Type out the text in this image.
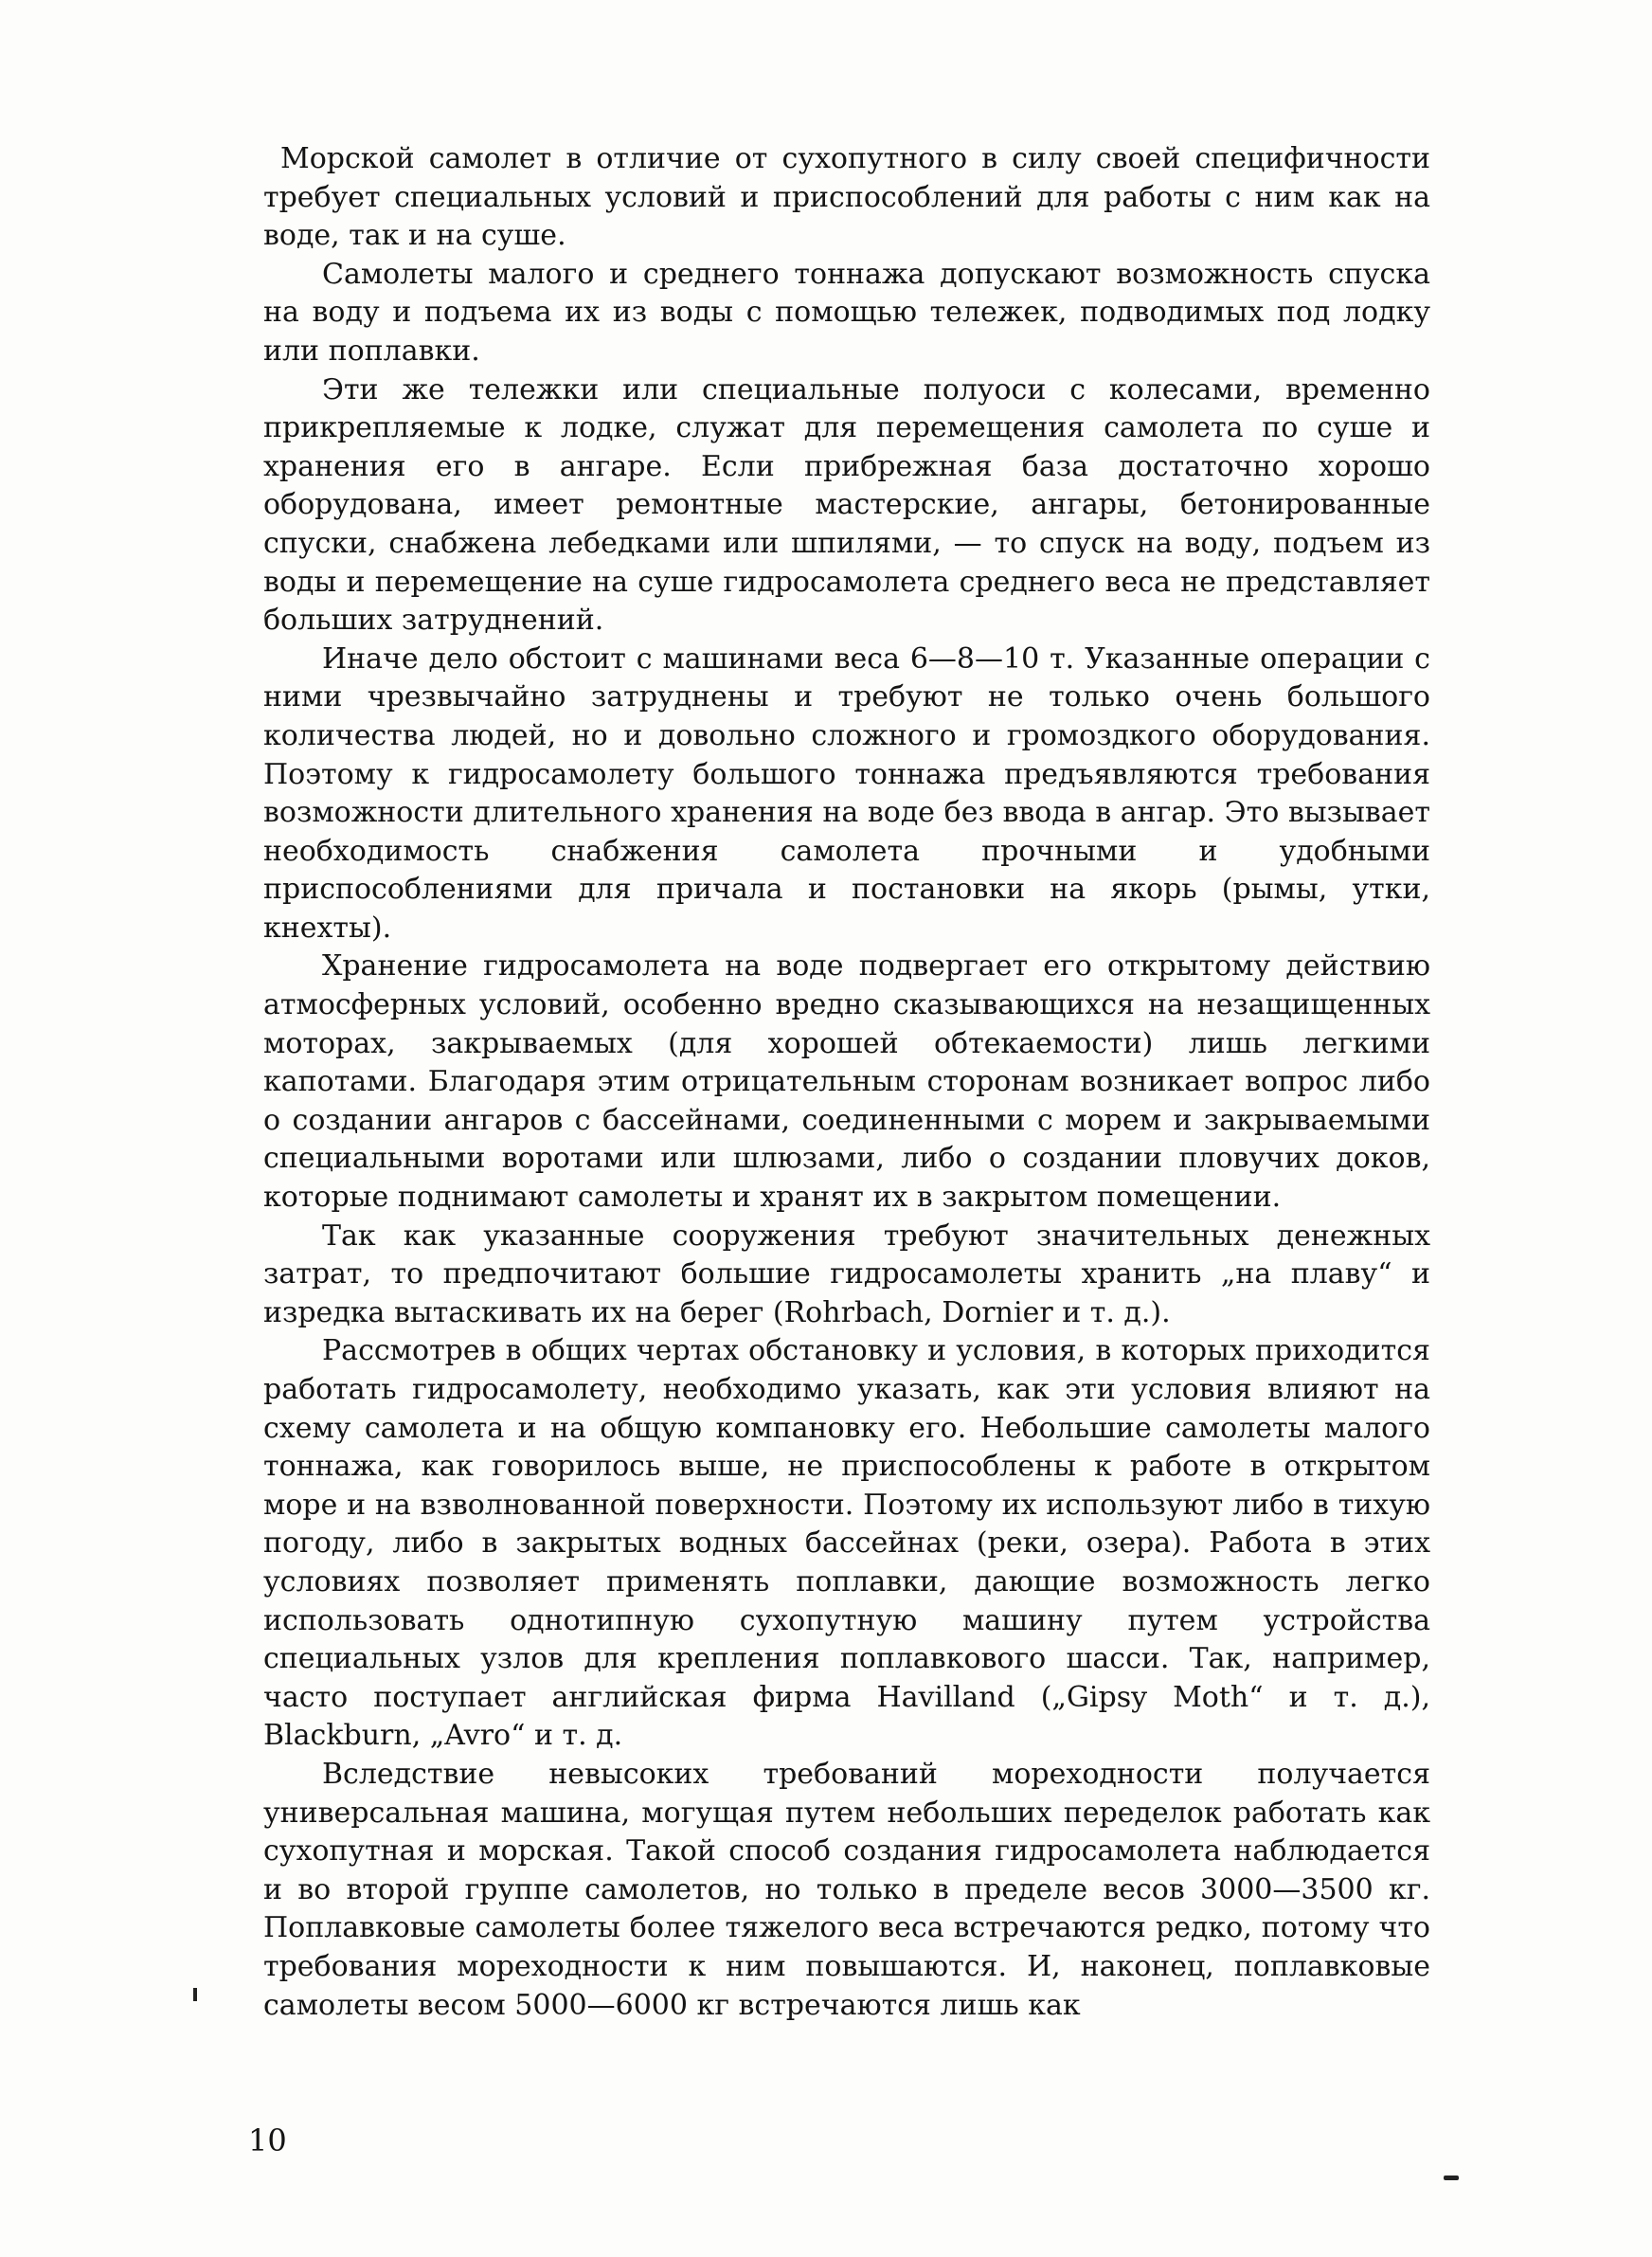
Морской самолет в отличие от сухопутного в силу своей специфичности требует специальных условий и приспособлений для работы с ним как на воде, так и на суше.

Самолеты малого и среднего тоннажа допускают возможность спуска на воду и подъема их из воды с помощью тележек, подводимых под лодку или поплавки.

Эти же тележки или специальные полуоси с колесами, временно прикрепляемые к лодке, служат для перемещения самолета по суше и хранения его в ангаре. Если прибрежная база достаточно хорошо оборудована, имеет ремонтные мастерские, ангары, бетонированные спуски, снабжена лебедками или шпилями, — то спуск на воду, подъем из воды и перемещение на суше гидросамолета среднего веса не представляет больших затруднений.

Иначе дело обстоит с машинами веса 6—8—10 т. Указанные операции с ними чрезвычайно затруднены и требуют не только очень большого количества людей, но и довольно сложного и громоздкого оборудования. Поэтому к гидросамолету большого тоннажа предъявляются требования возможности длительного хранения на воде без ввода в ангар. Это вызывает необходимость снабжения самолета прочными и удобными приспособлениями для причала и постановки на якорь (рымы, утки, кнехты).

Хранение гидросамолета на воде подвергает его открытому действию атмосферных условий, особенно вредно сказывающихся на незащищенных моторах, закрываемых (для хорошей обтекаемости) лишь легкими капотами. Благодаря этим отрицательным сторонам возникает вопрос либо о создании ангаров с бассейнами, соединенными с морем и закрываемыми специальными воротами или шлюзами, либо о создании пловучих доков, которые поднимают самолеты и хранят их в закрытом помещении.

Так как указанные сооружения требуют значительных денежных затрат, то предпочитают большие гидросамолеты хранить „на плаву“ и изредка вытаскивать их на берег (Rohrbach, Dornier и т. д.).

Рассмотрев в общих чертах обстановку и условия, в которых приходится работать гидросамолету, необходимо указать, как эти условия влияют на схему самолета и на общую компановку его. Небольшие самолеты малого тоннажа, как говорилось выше, не приспособлены к работе в открытом море и на взволнованной поверхности. Поэтому их используют либо в тихую погоду, либо в закрытых водных бассейнах (реки, озера). Работа в этих условиях позволяет применять поплавки, дающие возможность легко использовать однотипную сухопутную машину путем устройства специальных узлов для крепления поплавкового шасси. Так, например, часто поступает английская фирма Havilland („Gipsy Moth“ и т. д.), Blackburn, „Avro“ и т. д.

Вследствие невысоких требований мореходности получается универсальная машина, могущая путем небольших переделок работать как сухопутная и морская. Такой способ создания гидросамолета наблюдается и во второй группе самолетов, но только в пределе весов 3000—3500 кг. Поплавковые самолеты более тяжелого веса встречаются редко, потому что требования мореходности к ним повышаются. И, наконец, поплавковые самолеты весом 5000—6000 кг встречаются лишь как

10
